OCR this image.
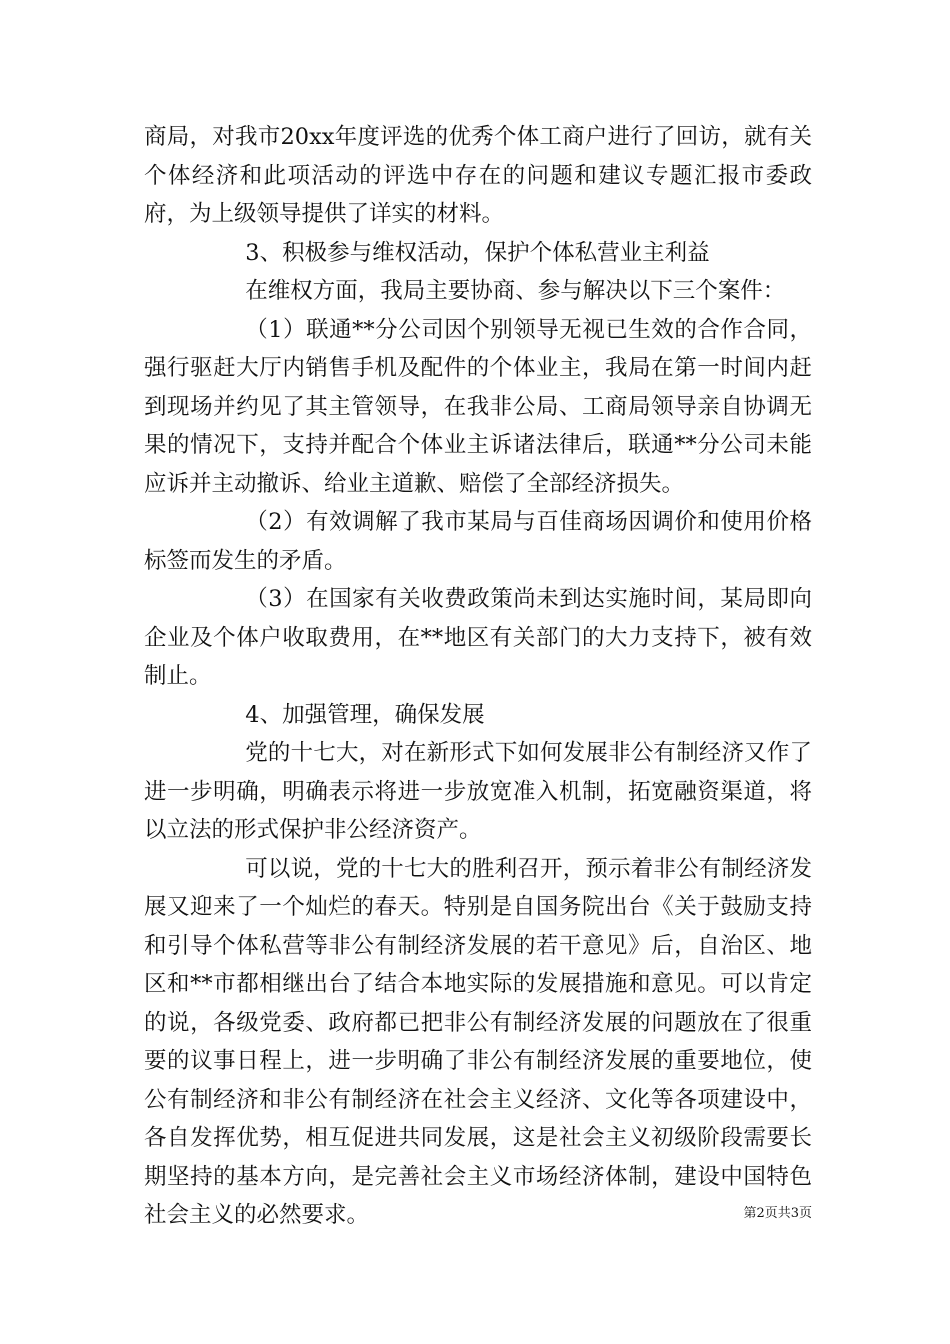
商局，对我市20xx年度评选的优秀个体工商户进行了回访，就有关个体经济和此项活动的评选中存在的问题和建议专题汇报市委政府，为上级领导提供了详实的材料。

3、积极参与维权活动，保护个体私营业主利益

在维权方面，我局主要协商、参与解决以下三个案件：

（1）联通**分公司因个别领导无视已生效的合作合同，强行驱赶大厅内销售手机及配件的个体业主，我局在第一时间内赶到现场并约见了其主管领导，在我非公局、工商局领导亲自协调无果的情况下，支持并配合个体业主诉诸法律后，联通**分公司未能应诉并主动撤诉、给业主道歉、赔偿了全部经济损失。

（2）有效调解了我市某局与百佳商场因调价和使用价格标签而发生的矛盾。

（3）在国家有关收费政策尚未到达实施时间，某局即向企业及个体户收取费用，在**地区有关部门的大力支持下，被有效制止。

4、加强管理，确保发展

党的十七大，对在新形式下如何发展非公有制经济又作了进一步明确，明确表示将进一步放宽准入机制，拓宽融资渠道，将以立法的形式保护非公经济资产。

可以说，党的十七大的胜利召开，预示着非公有制经济发展又迎来了一个灿烂的春天。特别是自国务院出台《关于鼓励支持和引导个体私营等非公有制经济发展的若干意见》后，自治区、地区和**市都相继出台了结合本地实际的发展措施和意见。可以肯定的说，各级党委、政府都已把非公有制经济发展的问题放在了很重要的议事日程上，进一步明确了非公有制经济发展的重要地位，使公有制经济和非公有制经济在社会主义经济、文化等各项建设中，各自发挥优势，相互促进共同发展，这是社会主义初级阶段需要长期坚持的基本方向，是完善社会主义市场经济体制，建设中国特色社会主义的必然要求。	第2页共3页
